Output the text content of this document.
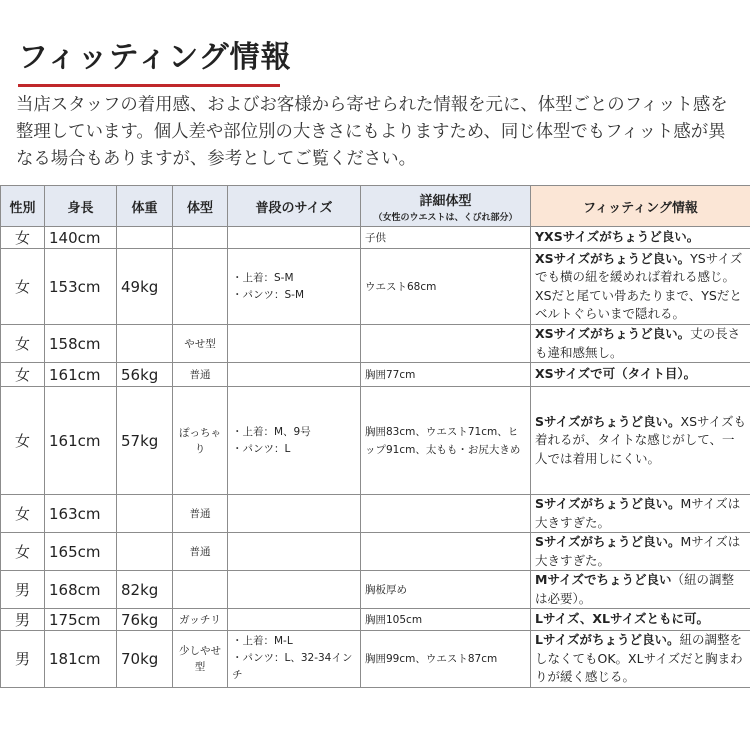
フィッティング情報

当店スタッフの着用感、およびお客様から寄せられた情報を元に、体型ごとのフィット感を整理しています。個人差や部位別の大きさにもよりますため、同じ体型でもフィット感が異なる場合もありますが、参考としてご覧ください。

性別	身長	体重	体型	普段のサイズ	詳細体型
（女性のウエストは、くびれ部分）	フィッティング情報
女	140cm				子供	YXSサイズがちょうど良い。
女	153cm	49kg		・上着：S-M
・パンツ：S-M	ウエスト68cm	XSサイズがちょうど良い。YSサイズでも横の紐を緩めれば着れる感じ。XSだと尾てい骨あたりまで、YSだとベルトぐらいまで隠れる。
女	158cm		やせ型			XSサイズがちょうど良い。丈の長さも違和感無し。
女	161cm	56kg	普通		胸囲77cm	XSサイズで可（タイト目）。
女	161cm	57kg	ぽっちゃり	・上着：M、9号
・パンツ：L	胸囲83cm、ウエスト71cm、ヒップ91cm、太もも・お尻大きめ	Sサイズがちょうど良い。XSサイズも着れるが、タイトな感じがして、一人では着用しにくい。
女	163cm		普通			Sサイズがちょうど良い。Mサイズは大きすぎた。
女	165cm		普通			Sサイズがちょうど良い。Mサイズは大きすぎた。
男	168cm	82kg			胸板厚め	Mサイズでちょうど良い（紐の調整は必要）。
男	175cm	76kg	ガッチリ		胸囲105cm	Lサイズ、XLサイズともに可。
男	181cm	70kg	少しやせ型	・上着：M-L
・パンツ：L、32-34インチ	胸囲99cm、ウエスト87cm	Lサイズがちょうど良い。紐の調整をしなくてもOK。XLサイズだと胸まわりが緩く感じる。
